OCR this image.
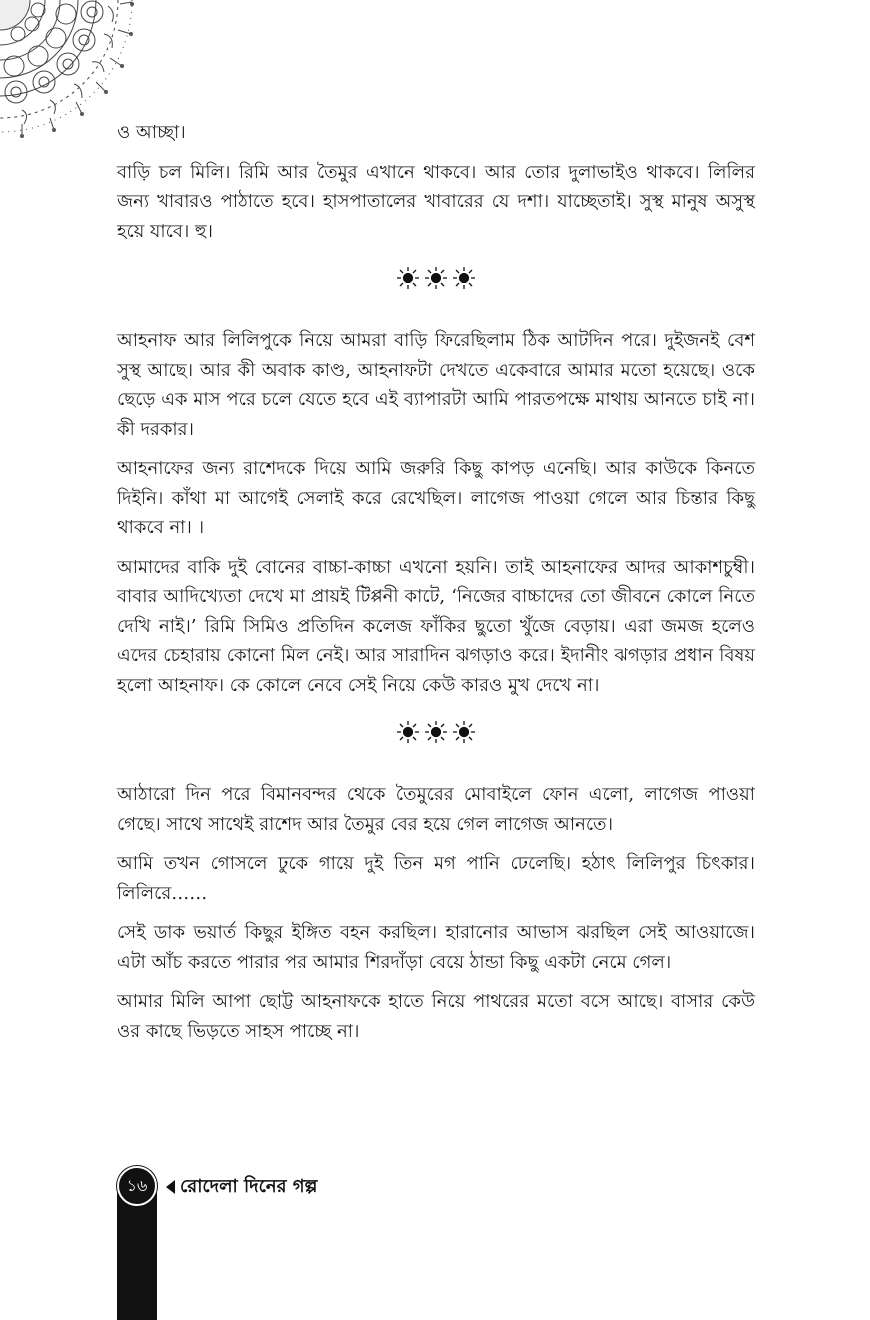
ও আচ্ছা।

বাড়ি চল মিলি। রিমি আর তৈমুর এখানে থাকবে। আর তোর দুলাভাইও থাকবে। লিলির জন্য খাবারও পাঠাতে হবে। হাসপাতালের খাবারের যে দশা। যাচ্ছেতাই। সুস্থ মানুষ অসুস্থ হয়ে যাবে। হু।

আহনাফ আর লিলিপুকে নিয়ে আমরা বাড়ি ফিরেছিলাম ঠিক আটদিন পরে। দুইজনই বেশ সুস্থ আছে। আর কী অবাক কাণ্ড, আহনাফটা দেখতে একেবারে আমার মতো হয়েছে। ওকে ছেড়ে এক মাস পরে চলে যেতে হবে এই ব্যাপারটা আমি পারতপক্ষে মাথায় আনতে চাই না। কী দরকার।

আহনাফের জন্য রাশেদকে দিয়ে আমি জরুরি কিছু কাপড় এনেছি। আর কাউকে কিনতে দিইনি। কাঁথা মা আগেই সেলাই করে রেখেছিল। লাগেজ পাওয়া গেলে আর চিন্তার কিছু থাকবে না। ।

আমাদের বাকি দুই বোনের বাচ্চা-কাচ্চা এখনো হয়নি। তাই আহনাফের আদর আকাশচুম্বী। বাবার আদিখ্যেতা দেখে মা প্রায়ই টিপ্পনী কাটে, ‘নিজের বাচ্চাদের তো জীবনে কোলে নিতে দেখি নাই।’ রিমি সিমিও প্রতিদিন কলেজ ফাঁকির ছুতো খুঁজে বেড়ায়। এরা জমজ হলেও এদের চেহারায় কোনো মিল নেই। আর সারাদিন ঝগড়াও করে। ইদানীং ঝগড়ার প্রধান বিষয় হলো আহনাফ। কে কোলে নেবে সেই নিয়ে কেউ কারও মুখ দেখে না।

আঠারো দিন পরে বিমানবন্দর থেকে তৈমুরের মোবাইলে ফোন এলো, লাগেজ পাওয়া গেছে। সাথে সাথেই রাশেদ আর তৈমুর বের হয়ে গেল লাগেজ আনতে।

আমি তখন গোসলে ঢুকে গায়ে দুই তিন মগ পানি ঢেলেছি। হঠাৎ লিলিপুর চিৎকার। লিলিরে……

সেই ডাক ভয়ার্ত কিছুর ইঙ্গিত বহন করছিল। হারানোর আভাস ঝরছিল সেই আওয়াজে। এটা আঁচ করতে পারার পর আমার শিরদাঁড়া বেয়ে ঠান্ডা কিছু একটা নেমে গেল।

আমার মিলি আপা ছোট্ট আহনাফকে হাতে নিয়ে পাথরের মতো বসে আছে। বাসার কেউ ওর কাছে ভিড়তে সাহস পাচ্ছে না।

১৬	রোদেলা দিনের গল্প
